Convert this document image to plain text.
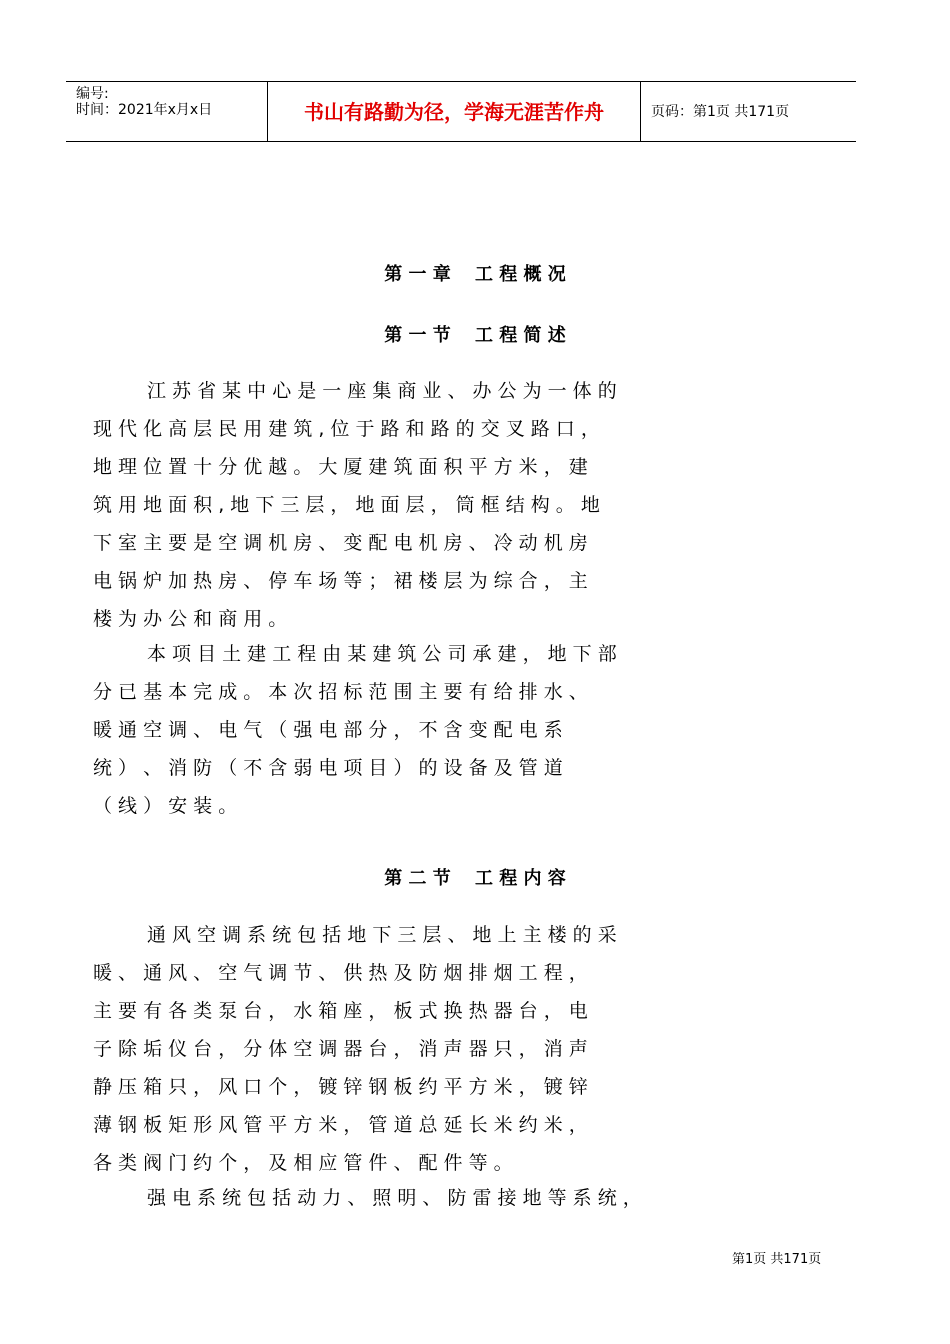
编号:
时间：2021年x月x日	书山有路勤为径，学海无涯苦作舟	页码：第1页 共171页
第 一 章　 工 程 概 况
第 一 节　 工 程 简 述
江 苏 省 某 中 心 是 一 座 集 商 业 、 办 公 为 一 体 的
现 代 化 高 层 民 用 建 筑 , 位 于 路 和 路 的 交 叉 路 口 ，
地 理 位 置 十 分 优 越 。 大 厦 建 筑 面 积 平 方 米 ， 建
筑 用 地 面 积 , 地 下 三 层 ， 地 面 层 ， 筒 框 结 构 。 地
下 室 主 要 是 空 调 机 房 、 变 配 电 机 房 、 冷 动 机 房
电 锅 炉 加 热 房 、 停 车 场 等 ； 裙 楼 层 为 综 合 ， 主
楼 为 办 公 和 商 用 。
本 项 目 土 建 工 程 由 某 建 筑 公 司 承 建 ， 地 下 部
分 已 基 本 完 成 。 本 次 招 标 范 围 主 要 有 给 排 水 、
暖 通 空 调 、 电 气 （ 强 电 部 分 ， 不 含 变 配 电 系
统 ） 、 消 防 （ 不 含 弱 电 项 目 ） 的 设 备 及 管 道
（ 线 ） 安 装 。
第 二 节　 工 程 内 容
通 风 空 调 系 统 包 括 地 下 三 层 、 地 上 主 楼 的 采
暖 、 通 风 、 空 气 调 节 、 供 热 及 防 烟 排 烟 工 程 ，
主 要 有 各 类 泵 台 ， 水 箱 座 ， 板 式 换 热 器 台 ， 电
子 除 垢 仪 台 ， 分 体 空 调 器 台 ， 消 声 器 只 ， 消 声
静 压 箱 只 ， 风 口 个 ， 镀 锌 钢 板 约 平 方 米 ， 镀 锌
薄 钢 板 矩 形 风 管 平 方 米 ， 管 道 总 延 长 米 约 米 ，
各 类 阀 门 约 个 ， 及 相 应 管 件 、 配 件 等 。
强 电 系 统 包 括 动 力 、 照 明 、 防 雷 接 地 等 系 统 ，
第1页 共171页
